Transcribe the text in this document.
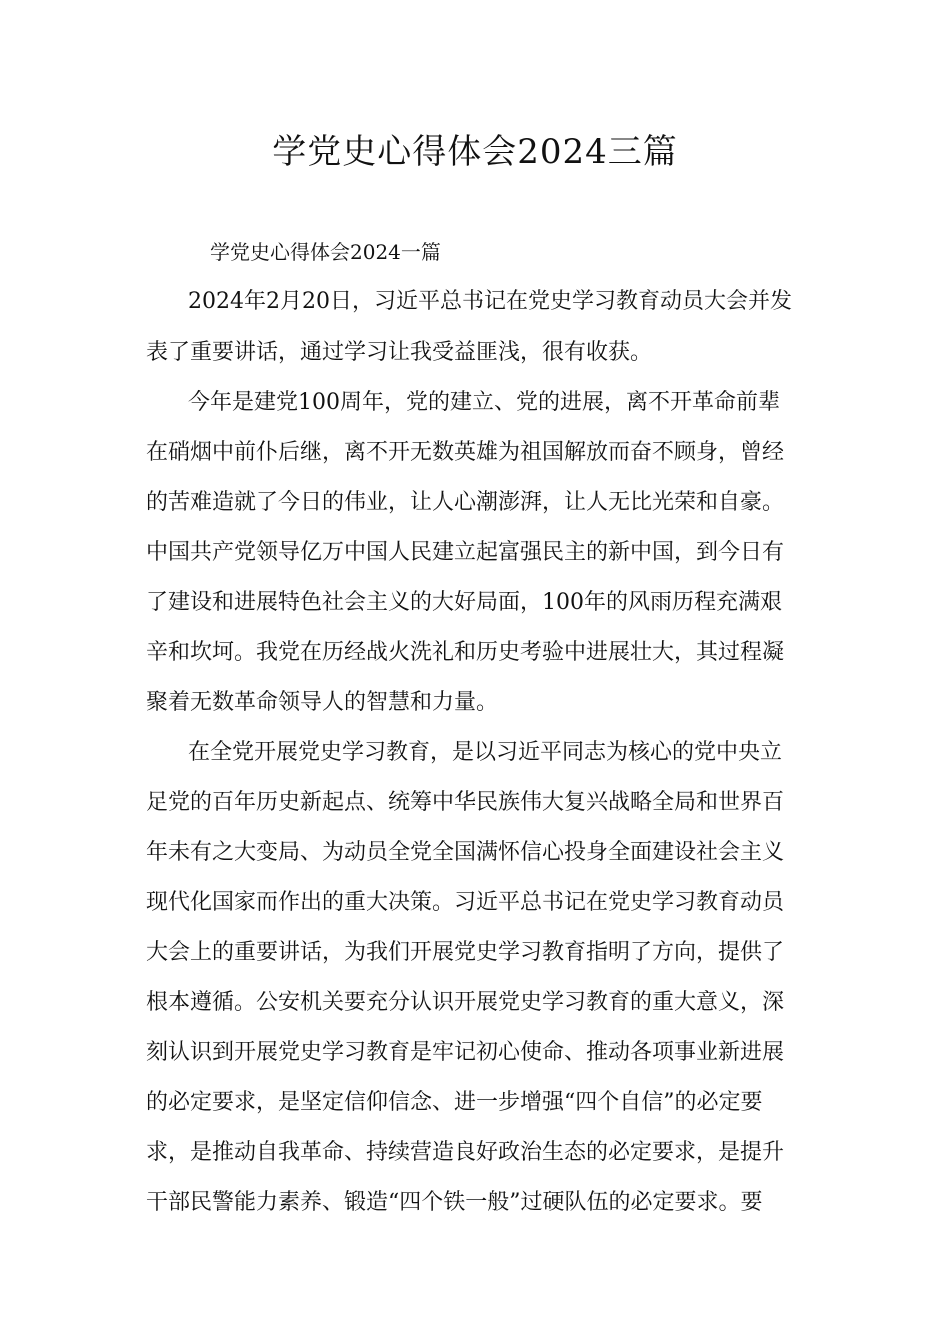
学党史心得体会2024三篇

学党史心得体会2024一篇

2024年2月20日，习近平总书记在党史学习教育动员大会并发

表了重要讲话，通过学习让我受益匪浅，很有收获。

今年是建党100周年，党的建立、党的进展，离不开革命前辈

在硝烟中前仆后继，离不开无数英雄为祖国解放而奋不顾身，曾经

的苦难造就了今日的伟业，让人心潮澎湃，让人无比光荣和自豪。

中国共产党领导亿万中国人民建立起富强民主的新中国，到今日有

了建设和进展特色社会主义的大好局面，100年的风雨历程充满艰

辛和坎坷。我党在历经战火洗礼和历史考验中进展壮大，其过程凝

聚着无数革命领导人的智慧和力量。

在全党开展党史学习教育，是以习近平同志为核心的党中央立

足党的百年历史新起点、统筹中华民族伟大复兴战略全局和世界百

年未有之大变局、为动员全党全国满怀信心投身全面建设社会主义

现代化国家而作出的重大决策。习近平总书记在党史学习教育动员

大会上的重要讲话，为我们开展党史学习教育指明了方向，提供了

根本遵循。公安机关要充分认识开展党史学习教育的重大意义，深

刻认识到开展党史学习教育是牢记初心使命、推动各项事业新进展

的必定要求，是坚定信仰信念、进一步增强“四个自信”的必定要

求，是推动自我革命、持续营造良好政治生态的必定要求，是提升

干部民警能力素养、锻造“四个铁一般”过硬队伍的必定要求。要
